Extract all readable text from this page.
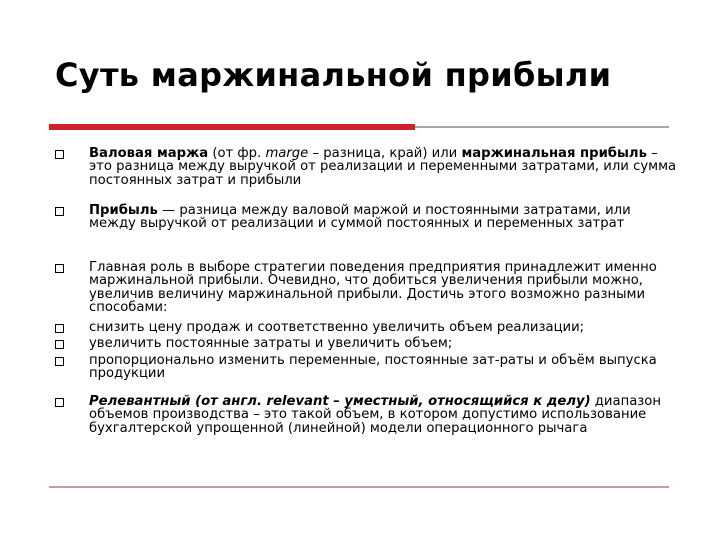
Суть маржинальной прибыли

Валовая маржа (от фр. marge – разница, край) или маржинальная прибыль – это разница между выручкой от реализации и переменными затратами, или сумма постоянных затрат и прибыли

Прибыль — разница между валовой маржой и постоянными затратами, или между выручкой от реализации и суммой постоянных и переменных затрат

Главная роль в выборе стратегии поведения предприятия принадлежит именно маржинальной прибыли. Очевидно, что добиться увеличения прибыли можно, увеличив величину маржинальной прибыли. Достичь этого возможно разными способами:

снизить цену продаж и соответственно увеличить объем реализации;

увеличить постоянные затраты и увеличить объем;

пропорционально изменить переменные, постоянные зат-раты и объём выпуска продукции

Релевантный (от англ. relevant – уместный, относящийся к делу) диапазон объемов производства – это такой объем, в котором допустимо использование бухгалтерской упрощенной (линейной) модели операционного рычага
